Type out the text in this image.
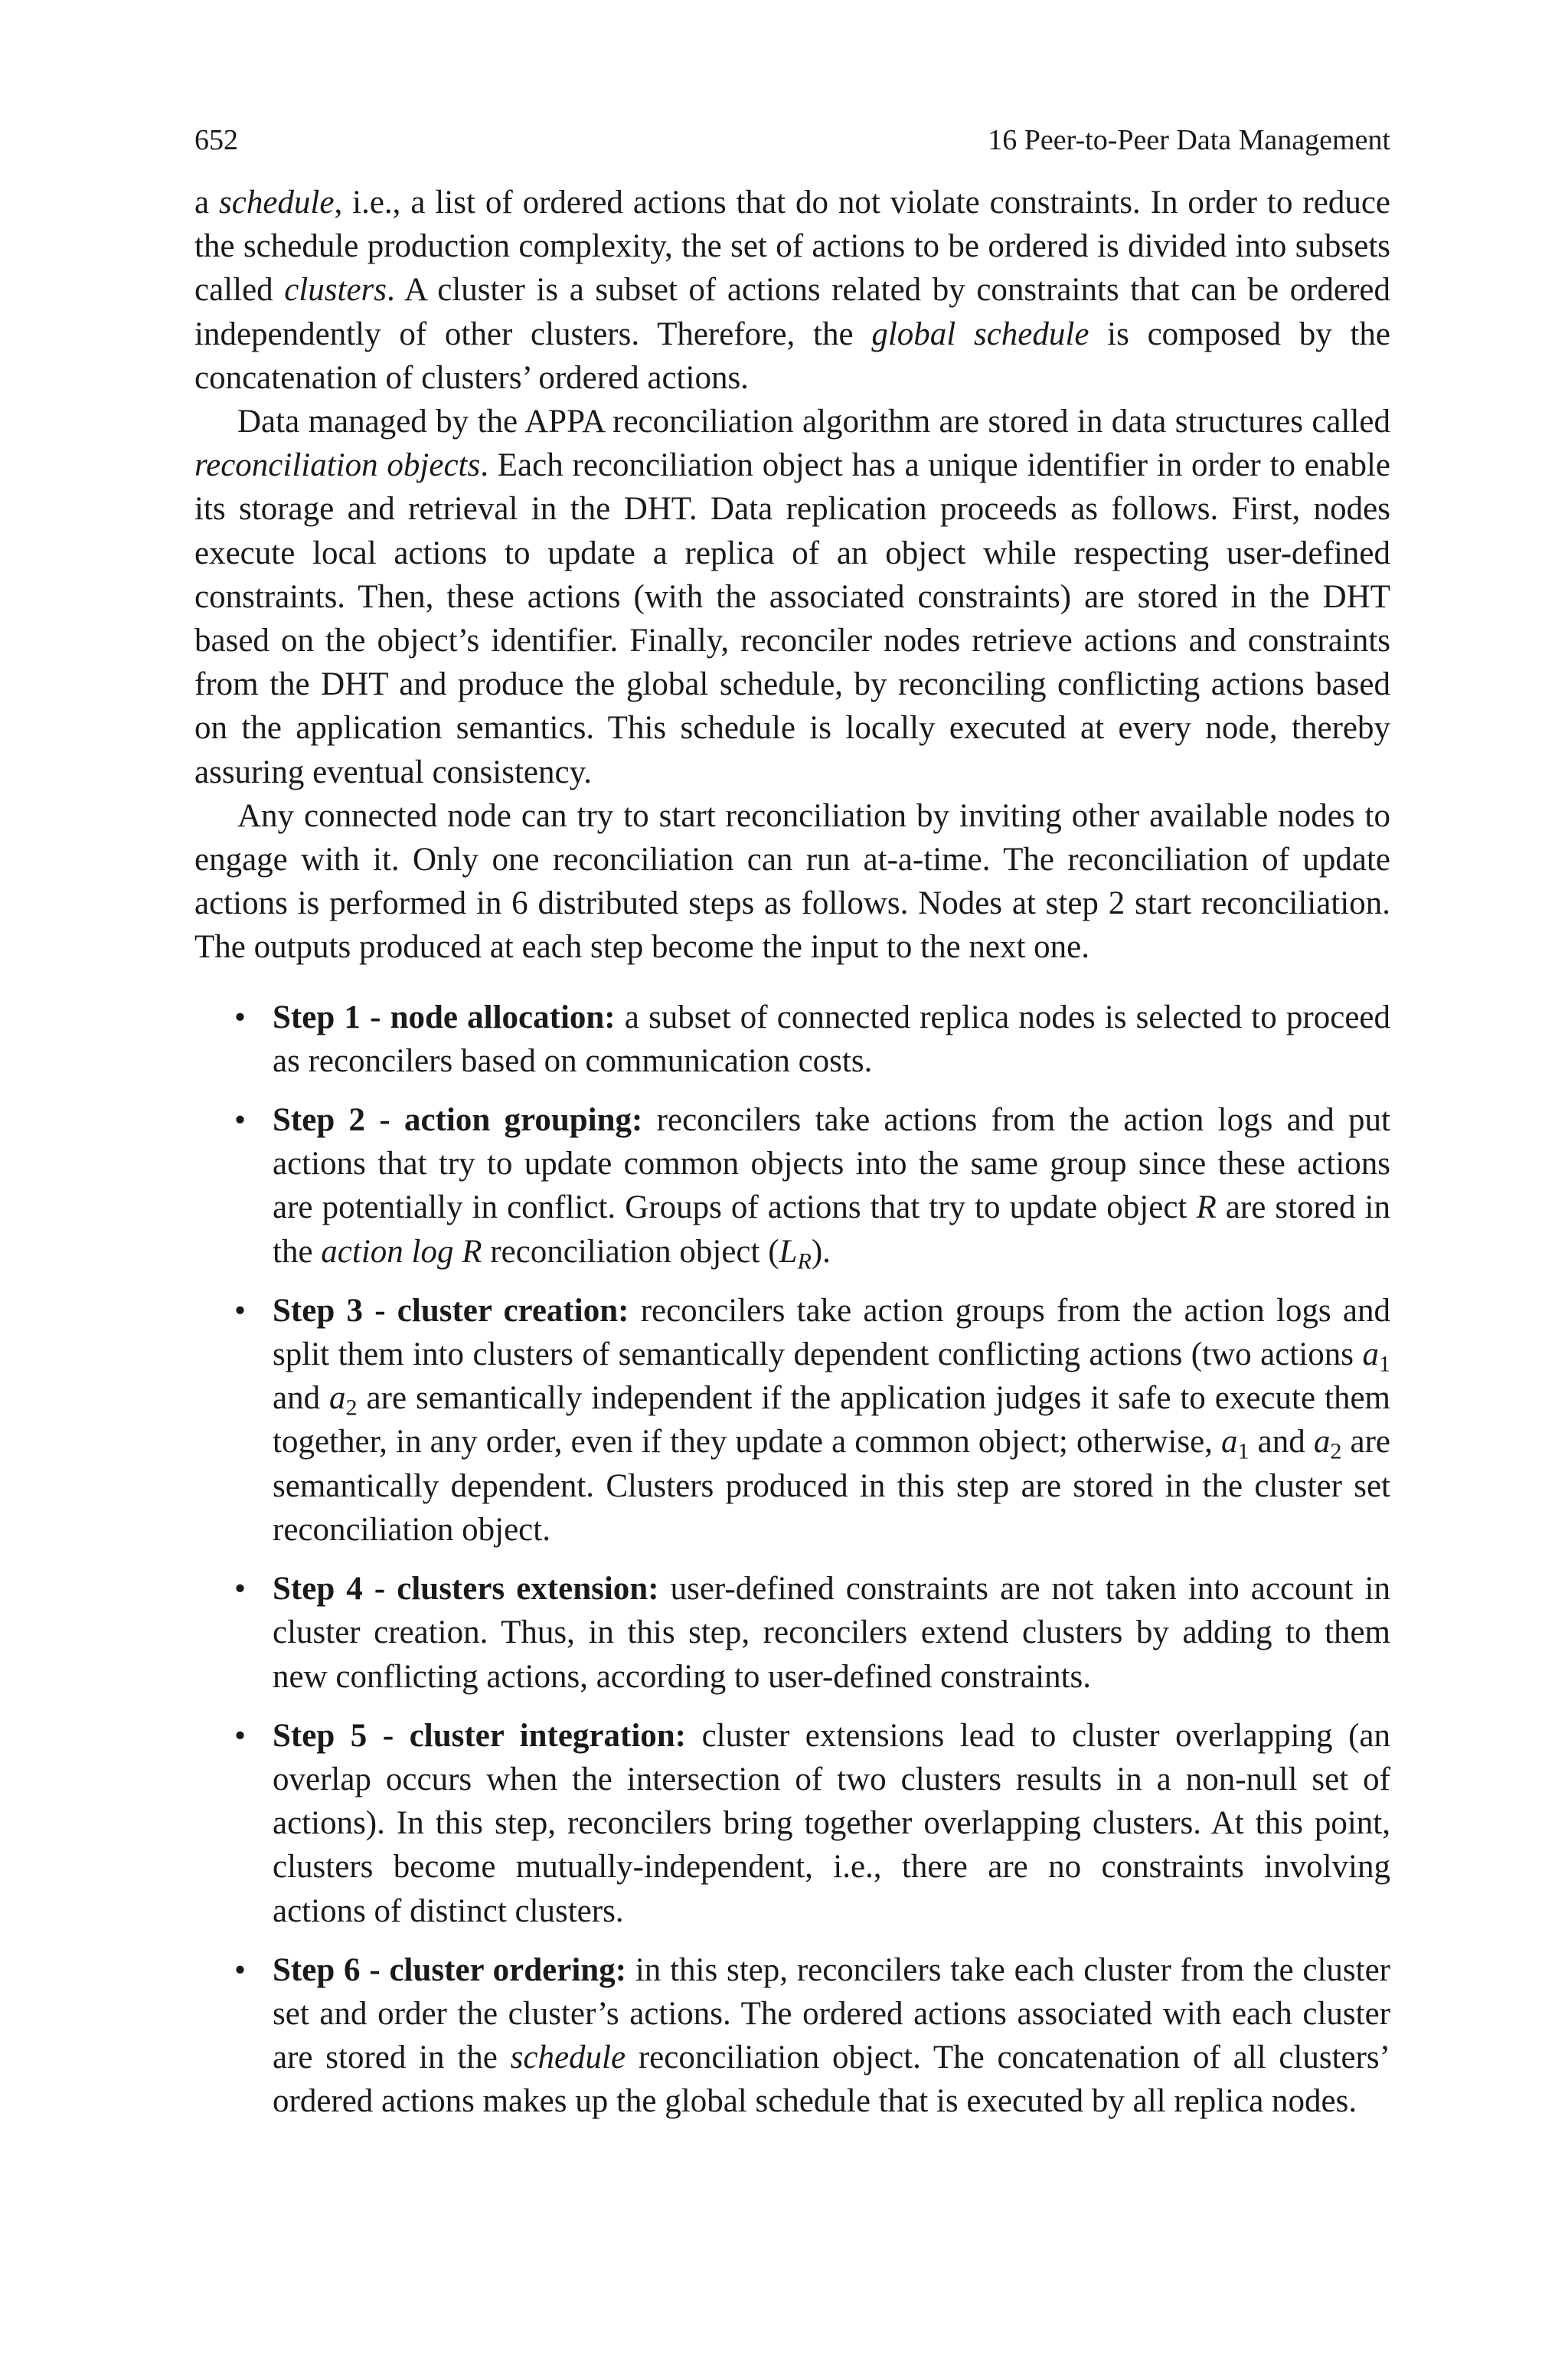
652	16 Peer-to-Peer Data Management

a schedule, i.e., a list of ordered actions that do not violate constraints. In order to reduce the schedule production complexity, the set of actions to be ordered is divided into subsets called clusters. A cluster is a subset of actions related by constraints that can be ordered independently of other clusters. Therefore, the global schedule is composed by the concatenation of clusters’ ordered actions.

Data managed by the APPA reconciliation algorithm are stored in data structures called reconciliation objects. Each reconciliation object has a unique identifier in order to enable its storage and retrieval in the DHT. Data replication proceeds as follows. First, nodes execute local actions to update a replica of an object while respecting user-defined constraints. Then, these actions (with the associated constraints) are stored in the DHT based on the object’s identifier. Finally, reconciler nodes retrieve actions and constraints from the DHT and produce the global schedule, by reconciling conflicting actions based on the application semantics. This schedule is locally executed at every node, thereby assuring eventual consistency.

Any connected node can try to start reconciliation by inviting other available nodes to engage with it. Only one reconciliation can run at-a-time. The reconciliation of update actions is performed in 6 distributed steps as follows. Nodes at step 2 start reconciliation. The outputs produced at each step become the input to the next one.

• Step 1 - node allocation: a subset of connected replica nodes is selected to proceed as reconcilers based on communication costs.
• Step 2 - action grouping: reconcilers take actions from the action logs and put actions that try to update common objects into the same group since these actions are potentially in conflict. Groups of actions that try to update object R are stored in the action log R reconciliation object $(L_R)$.
• Step 3 - cluster creation: reconcilers take action groups from the action logs and split them into clusters of semantically dependent conflicting actions (two actions $a_1$ and $a_2$ are semantically independent if the application judges it safe to execute them together, in any order, even if they update a common object; otherwise, $a_1$ and $a_2$ are semantically dependent. Clusters produced in this step are stored in the cluster set reconciliation object.
• Step 4 - clusters extension: user-defined constraints are not taken into account in cluster creation. Thus, in this step, reconcilers extend clusters by adding to them new conflicting actions, according to user-defined constraints.
• Step 5 - cluster integration: cluster extensions lead to cluster overlapping (an overlap occurs when the intersection of two clusters results in a non-null set of actions). In this step, reconcilers bring together overlapping clusters. At this point, clusters become mutually-independent, i.e., there are no constraints involving actions of distinct clusters.
• Step 6 - cluster ordering: in this step, reconcilers take each cluster from the cluster set and order the cluster’s actions. The ordered actions associated with each cluster are stored in the schedule reconciliation object. The concatenation of all clusters’ ordered actions makes up the global schedule that is executed by all replica nodes.
